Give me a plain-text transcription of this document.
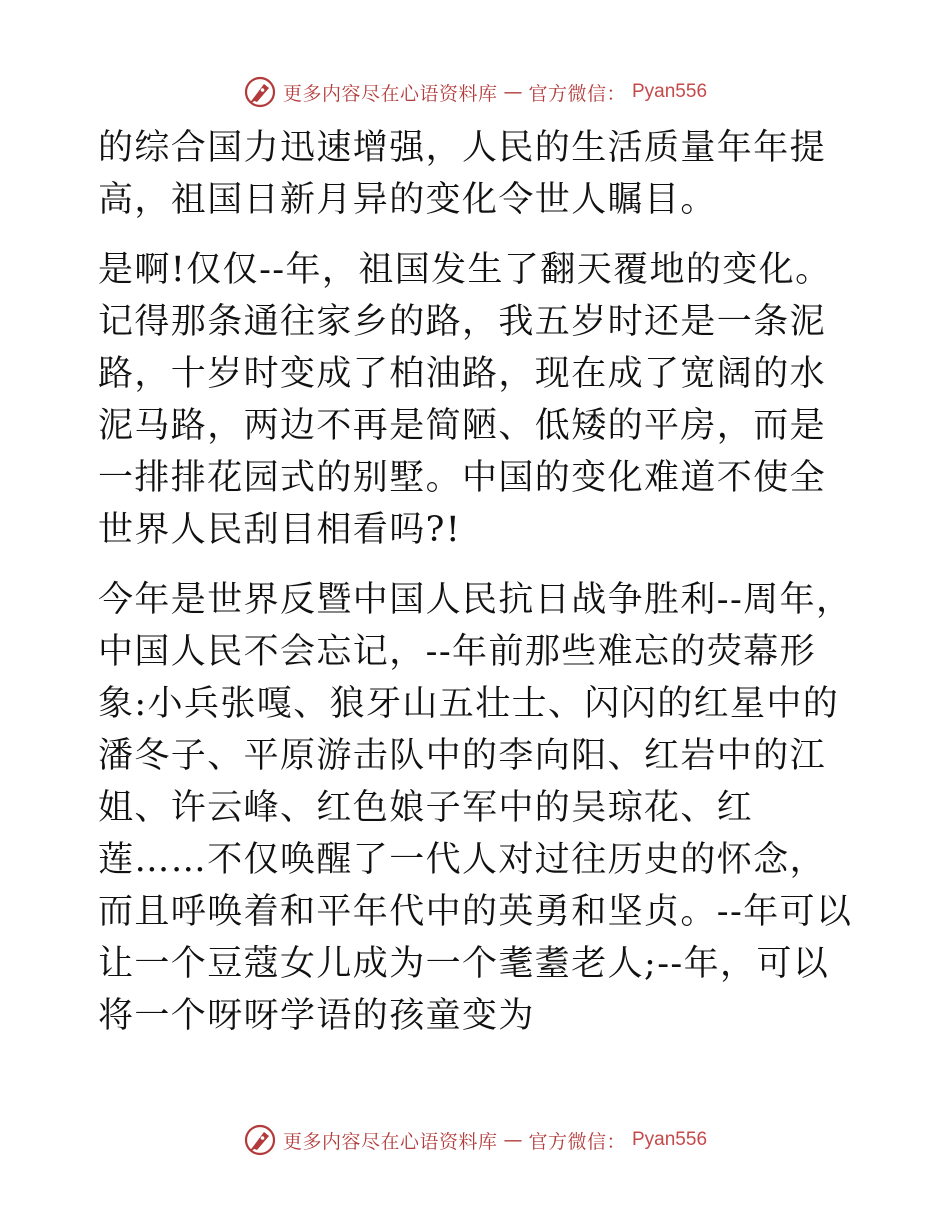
更多内容尽在心语资料库 — 官方微信： Pyan556

的综合国力迅速增强，人民的生活质量年年提高，祖国日新月异的变化令世人瞩目。

是啊!仅仅--年，祖国发生了翻天覆地的变化。记得那条通往家乡的路，我五岁时还是一条泥路，十岁时变成了柏油路，现在成了宽阔的水泥马路，两边不再是简陋、低矮的平房，而是一排排花园式的别墅。中国的变化难道不使全世界人民刮目相看吗?!

今年是世界反暨中国人民抗日战争胜利--周年，中国人民不会忘记，--年前那些难忘的荧幕形象:小兵张嘎、狼牙山五壮士、闪闪的红星中的潘冬子、平原游击队中的李向阳、红岩中的江姐、许云峰、红色娘子军中的吴琼花、红莲……不仅唤醒了一代人对过往历史的怀念，而且呼唤着和平年代中的英勇和坚贞。--年可以让一个豆蔻女儿成为一个耄耋老人;--年，可以将一个呀呀学语的孩童变为

更多内容尽在心语资料库 — 官方微信： Pyan556
